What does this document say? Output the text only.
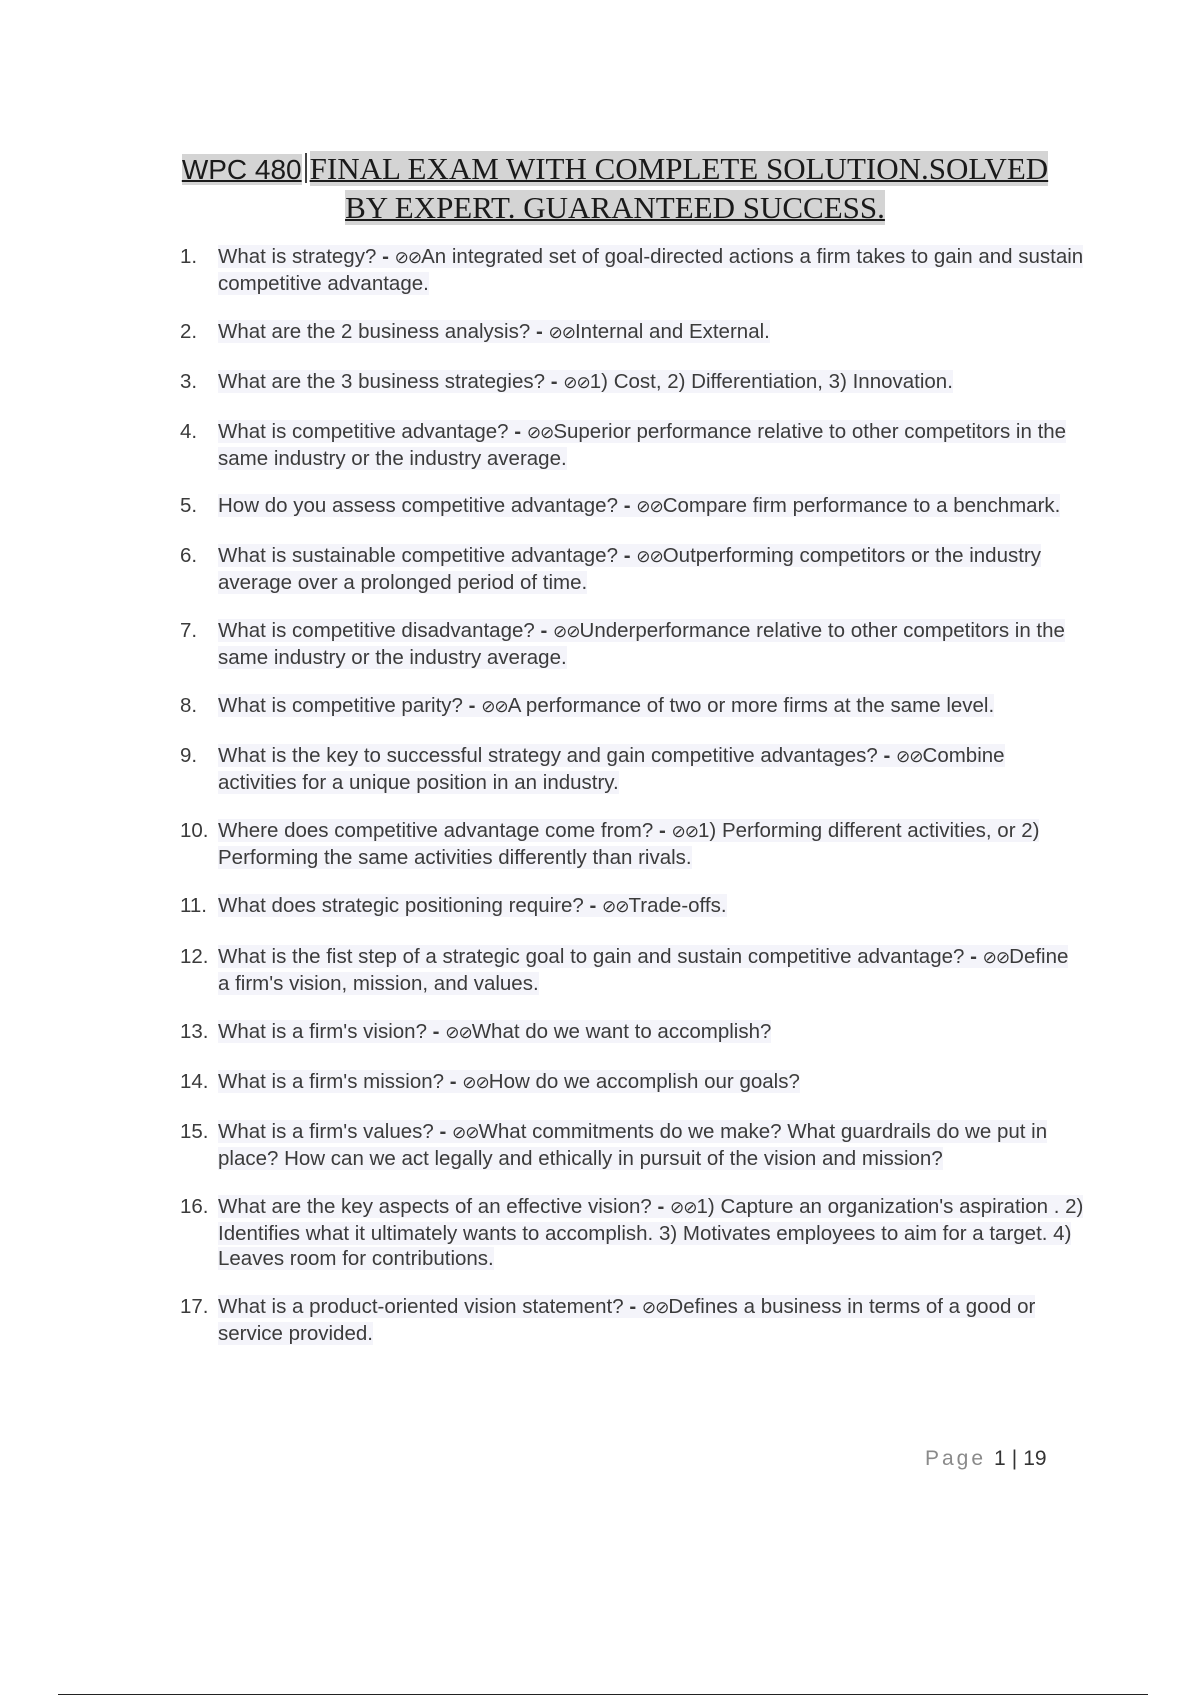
WPC 480 FINAL EXAM WITH COMPLETE SOLUTION.SOLVED
BY EXPERT. GUARANTEED SUCCESS.
1. What is strategy? - ⊘⊘An integrated set of goal-directed actions a firm takes to gain and sustain competitive advantage.
2. What are the 2 business analysis? - ⊘⊘Internal and External.
3. What are the 3 business strategies? - ⊘⊘1) Cost, 2) Differentiation, 3) Innovation.
4. What is competitive advantage? - ⊘⊘Superior performance relative to other competitors in the same industry or the industry average.
5. How do you assess competitive advantage? - ⊘⊘Compare firm performance to a benchmark.
6. What is sustainable competitive advantage? - ⊘⊘Outperforming competitors or the industry average over a prolonged period of time.
7. What is competitive disadvantage? - ⊘⊘Underperformance relative to other competitors in the same industry or the industry average.
8. What is competitive parity? - ⊘⊘A performance of two or more firms at the same level.
9. What is the key to successful strategy and gain competitive advantages? - ⊘⊘Combine activities for a unique position in an industry.
10. Where does competitive advantage come from? - ⊘⊘1) Performing different activities, or 2) Performing the same activities differently than rivals.
11. What does strategic positioning require? - ⊘⊘Trade-offs.
12. What is the fist step of a strategic goal to gain and sustain competitive advantage? - ⊘⊘Define a firm's vision, mission, and values.
13. What is a firm's vision? - ⊘⊘What do we want to accomplish?
14. What is a firm's mission? - ⊘⊘How do we accomplish our goals?
15. What is a firm's values? - ⊘⊘What commitments do we make? What guardrails do we put in place? How can we act legally and ethically in pursuit of the vision and mission?
16. What are the key aspects of an effective vision? - ⊘⊘1) Capture an organization's aspiration . 2) Identifies what it ultimately wants to accomplish. 3) Motivates employees to aim for a target. 4) Leaves room for contributions.
17. What is a product-oriented vision statement? - ⊘⊘Defines a business in terms of a good or service provided.
Page 1 | 19
